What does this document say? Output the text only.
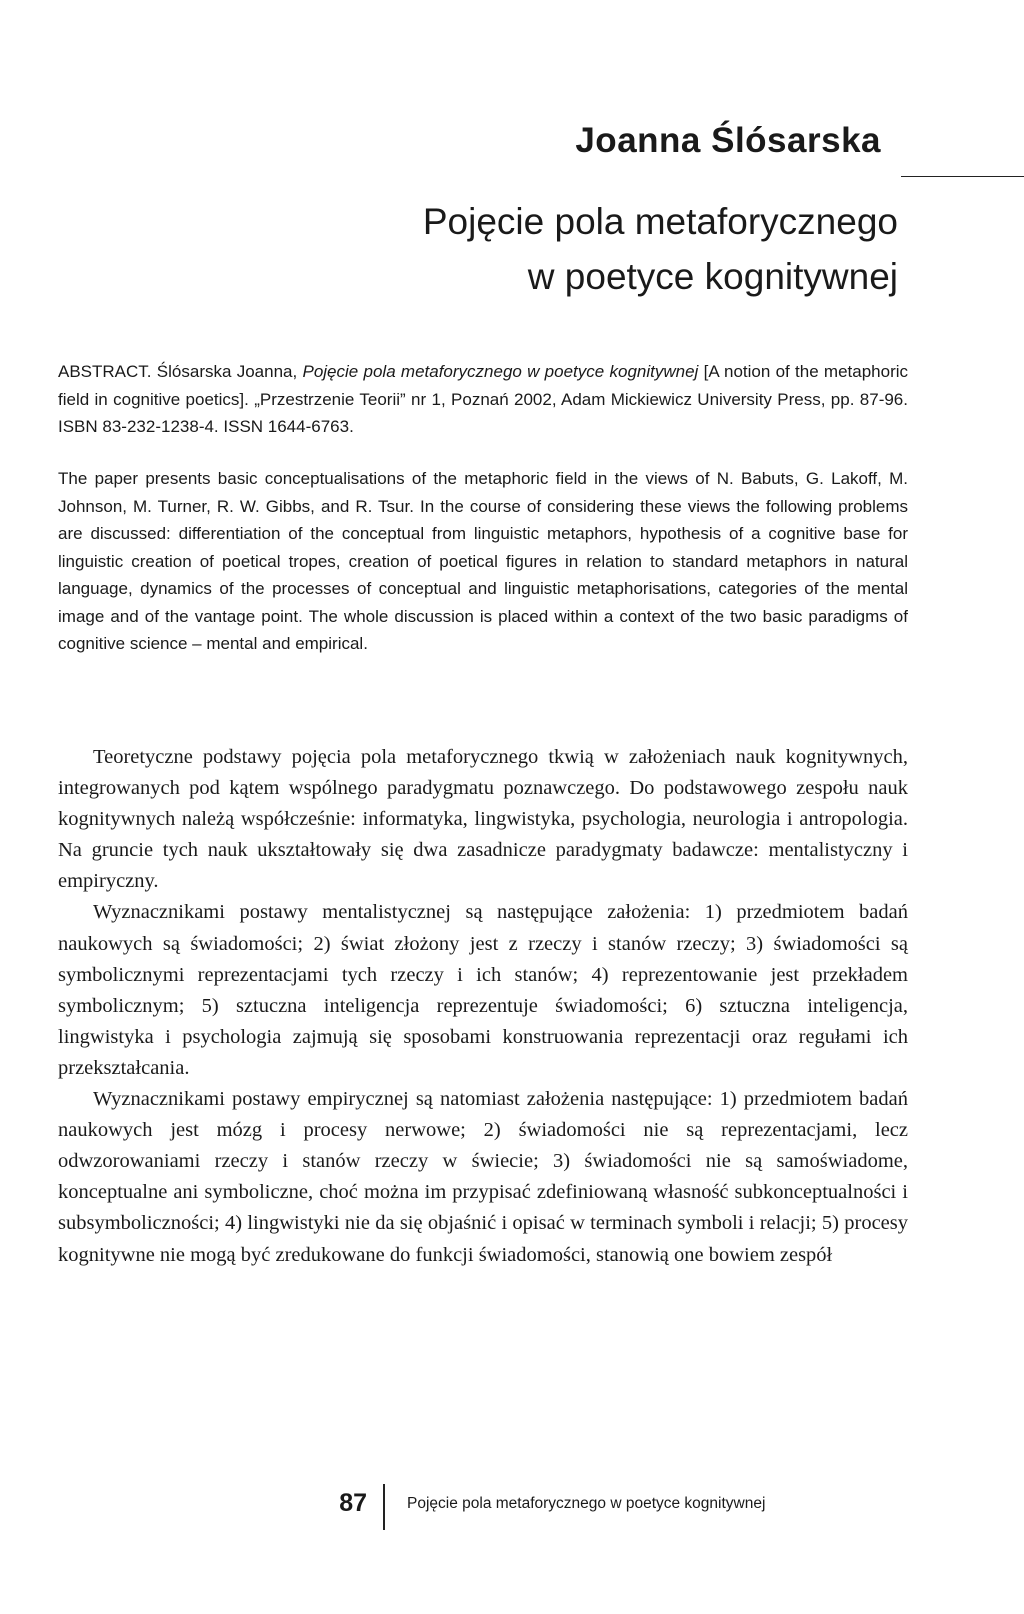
Joanna Ślósarska
Pojęcie pola metaforycznego
w poetyce kognitywnej

ABSTRACT. Ślósarska Joanna, Pojęcie pola metaforycznego w poetyce kognitywnej [A notion of the metaphoric field in cognitive poetics]. „Przestrzenie Teorii” nr 1, Poznań 2002, Adam Mickiewicz University Press, pp. 87-96. ISBN 83-232-1238-4. ISSN 1644-6763.

The paper presents basic conceptualisations of the metaphoric field in the views of N. Babuts, G. Lakoff, M. Johnson, M. Turner, R. W. Gibbs, and R. Tsur. In the course of considering these views the following problems are discussed: differentiation of the conceptual from linguistic metaphors, hypothesis of a cognitive base for linguistic creation of poetical tropes, creation of poetical figures in relation to standard metaphors in natural language, dynamics of the processes of conceptual and linguistic metaphorisations, categories of the mental image and of the vantage point. The whole discussion is placed within a context of the two basic paradigms of cognitive science – mental and empirical.

Teoretyczne podstawy pojęcia pola metaforycznego tkwią w założeniach nauk kognitywnych, integrowanych pod kątem wspólnego paradygmatu poznawczego. Do podstawowego zespołu nauk kognitywnych należą współcześnie: informatyka, lingwistyka, psychologia, neurologia i antropologia. Na gruncie tych nauk ukształtowały się dwa zasadnicze paradygmaty badawcze: mentalistyczny i empiryczny.

Wyznacznikami postawy mentalistycznej są następujące założenia: 1) przedmiotem badań naukowych są świadomości; 2) świat złożony jest z rzeczy i stanów rzeczy; 3) świadomości są symbolicznymi reprezentacjami tych rzeczy i ich stanów; 4) reprezentowanie jest przekładem symbolicznym; 5) sztuczna inteligencja reprezentuje świadomości; 6) sztuczna inteligencja, lingwistyka i psychologia zajmują się sposobami konstruowania reprezentacji oraz regułami ich przekształcania.

Wyznacznikami postawy empirycznej są natomiast założenia następujące: 1) przedmiotem badań naukowych jest mózg i procesy nerwowe; 2) świadomości nie są reprezentacjami, lecz odwzorowaniami rzeczy i stanów rzeczy w świecie; 3) świadomości nie są samoświadome, konceptualne ani symboliczne, choć można im przypisać zdefiniowaną własność subkonceptualności i subsymboliczności; 4) lingwistyki nie da się objaśnić i opisać w terminach symboli i relacji; 5) procesy kognitywne nie mogą być zredukowane do funkcji świadomości, stanowią one bowiem zespół

87	Pojęcie pola metaforycznego w poetyce kognitywnej
